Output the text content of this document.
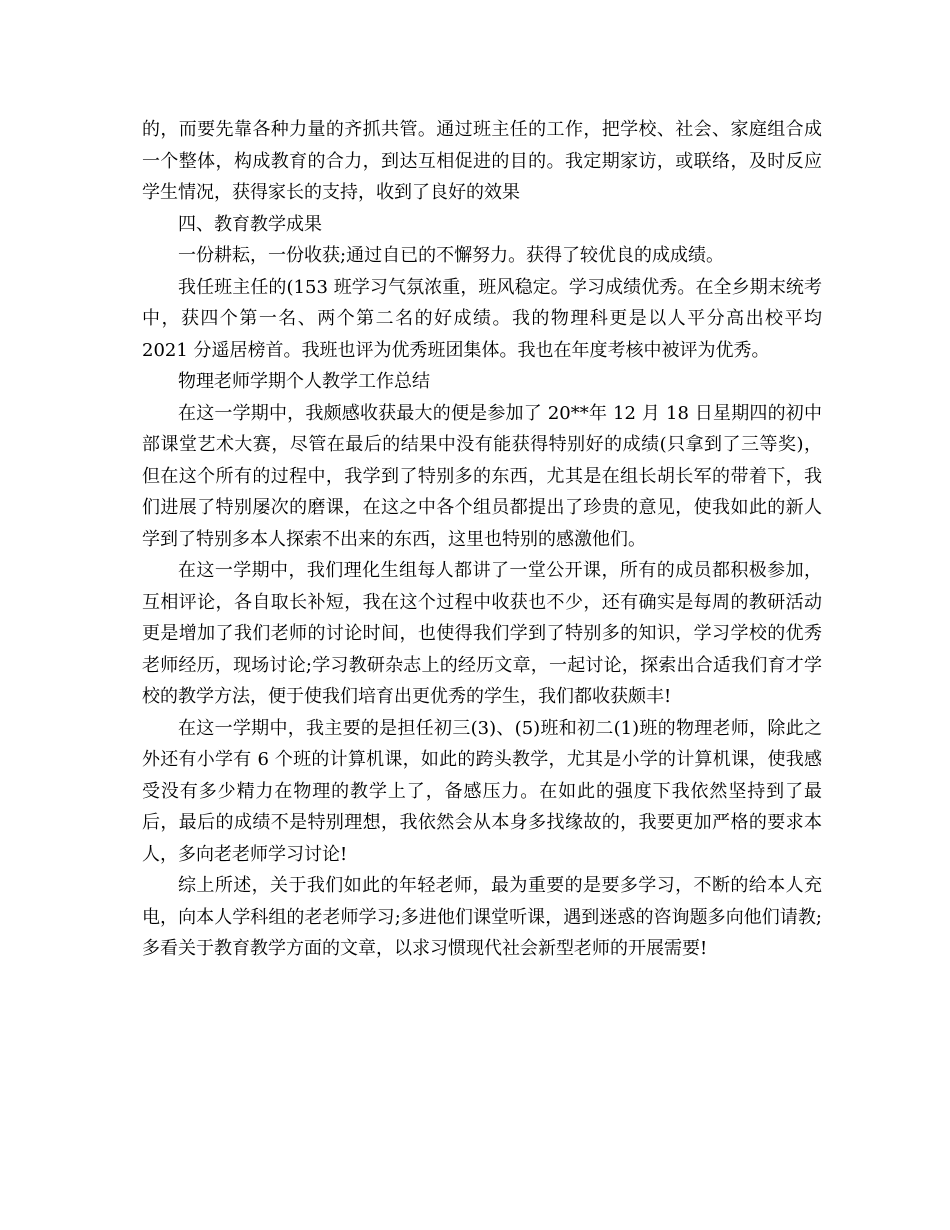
的，而要先靠各种力量的齐抓共管。通过班主任的工作，把学校、社会、家庭组合成一个整体，构成教育的合力，到达互相促进的目的。我定期家访，或联络，及时反应学生情况，获得家长的支持，收到了良好的效果

四、教育教学成果

一份耕耘，一份收获;通过自已的不懈努力。获得了较优良的成成绩。

我任班主任的(153 班学习气氛浓重，班风稳定。学习成绩优秀。在全乡期末统考中，获四个第一名、两个第二名的好成绩。我的物理科更是以人平分高出校平均 2021 分遥居榜首。我班也评为优秀班团集体。我也在年度考核中被评为优秀。

物理老师学期个人教学工作总结

在这一学期中，我颇感收获最大的便是参加了 20**年 12 月 18 日星期四的初中部课堂艺术大赛，尽管在最后的结果中没有能获得特别好的成绩(只拿到了三等奖)，但在这个所有的过程中，我学到了特别多的东西，尤其是在组长胡长军的带着下，我们进展了特别屡次的磨课，在这之中各个组员都提出了珍贵的意见，使我如此的新人学到了特别多本人探索不出来的东西，这里也特别的感激他们。

在这一学期中，我们理化生组每人都讲了一堂公开课，所有的成员都积极参加，互相评论，各自取长补短，我在这个过程中收获也不少，还有确实是每周的教研活动更是增加了我们老师的讨论时间，也使得我们学到了特别多的知识，学习学校的优秀老师经历，现场讨论;学习教研杂志上的经历文章，一起讨论，探索出合适我们育才学校的教学方法，便于使我们培育出更优秀的学生，我们都收获颇丰!

在这一学期中，我主要的是担任初三(3)、(5)班和初二(1)班的物理老师，除此之外还有小学有 6 个班的计算机课，如此的跨头教学，尤其是小学的计算机课，使我感受没有多少精力在物理的教学上了，备感压力。在如此的强度下我依然坚持到了最后，最后的成绩不是特别理想，我依然会从本身多找缘故的，我要更加严格的要求本人，多向老老师学习讨论!

综上所述，关于我们如此的年轻老师，最为重要的是要多学习，不断的给本人充电，向本人学科组的老老师学习;多进他们课堂听课，遇到迷惑的咨询题多向他们请教;多看关于教育教学方面的文章，以求习惯现代社会新型老师的开展需要!
